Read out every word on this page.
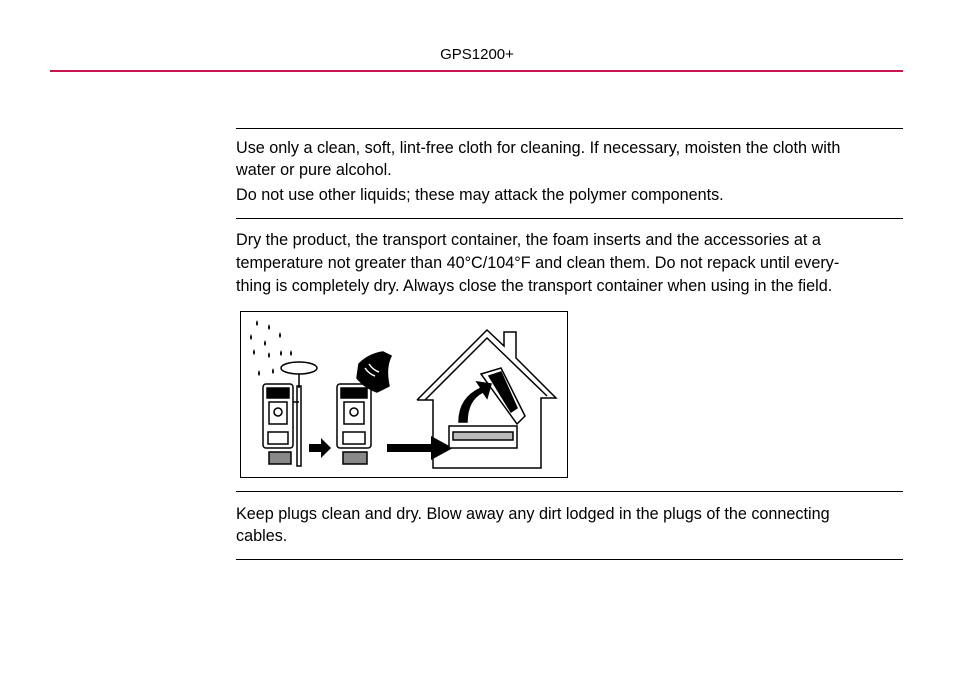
GPS1200+

Use only a clean, soft, lint-free cloth for cleaning. If necessary, moisten the cloth with

water or pure alcohol.

Do not use other liquids; these may attack the polymer components.

Dry the product, the transport container, the foam inserts and the accessories at a

temperature not greater than 40°C/104°F and clean them. Do not repack until every-

thing is completely dry. Always close the transport container when using in the field.

Keep plugs clean and dry. Blow away any dirt lodged in the plugs of the connecting

cables.
